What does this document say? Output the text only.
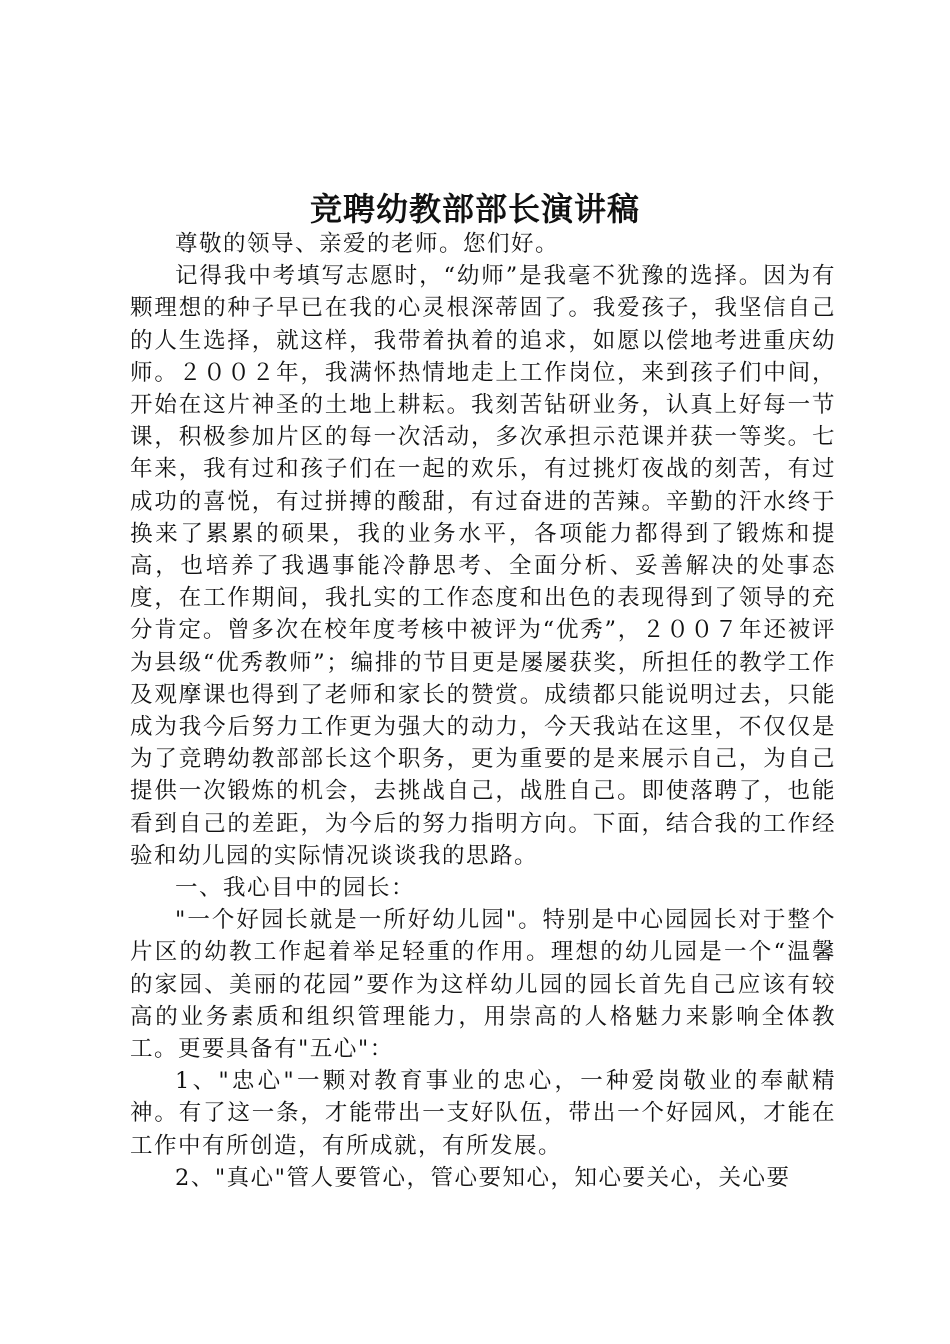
竞聘幼教部部长演讲稿

尊敬的领导、亲爱的老师。您们好。

记得我中考填写志愿时，“幼师”是我毫不犹豫的选择。因为有颗理想的种子早已在我的心灵根深蒂固了。我爱孩子，我坚信自己的人生选择，就这样，我带着执着的追求，如愿以偿地考进重庆幼师。２００２年，我满怀热情地走上工作岗位，来到孩子们中间，开始在这片神圣的土地上耕耘。我刻苦钻研业务，认真上好每一节课，积极参加片区的每一次活动，多次承担示范课并获一等奖。七年来，我有过和孩子们在一起的欢乐，有过挑灯夜战的刻苦，有过成功的喜悦，有过拼搏的酸甜，有过奋进的苦辣。辛勤的汗水终于换来了累累的硕果，我的业务水平，各项能力都得到了锻炼和提高，也培养了我遇事能冷静思考、全面分析、妥善解决的处事态度，在工作期间，我扎实的工作态度和出色的表现得到了领导的充分肯定。曾多次在校年度考核中被评为“优秀”，２００７年还被评为县级“优秀教师”；编排的节目更是屡屡获奖，所担任的教学工作及观摩课也得到了老师和家长的赞赏。成绩都只能说明过去，只能成为我今后努力工作更为强大的动力，今天我站在这里，不仅仅是为了竞聘幼教部部长这个职务，更为重要的是来展示自己，为自己提供一次锻炼的机会，去挑战自己，战胜自己。即使落聘了，也能看到自己的差距，为今后的努力指明方向。下面，结合我的工作经验和幼儿园的实际情况谈谈我的思路。

一、我心目中的园长：

"一个好园长就是一所好幼儿园"。特别是中心园园长对于整个片区的幼教工作起着举足轻重的作用。理想的幼儿园是一个“温馨的家园、美丽的花园”要作为这样幼儿园的园长首先自己应该有较高的业务素质和组织管理能力，用崇高的人格魅力来影响全体教工。更要具备有"五心"：

1、"忠心"一颗对教育事业的忠心，一种爱岗敬业的奉献精神。有了这一条，才能带出一支好队伍，带出一个好园风，才能在工作中有所创造，有所成就，有所发展。

2、"真心"管人要管心，管心要知心，知心要关心，关心要
